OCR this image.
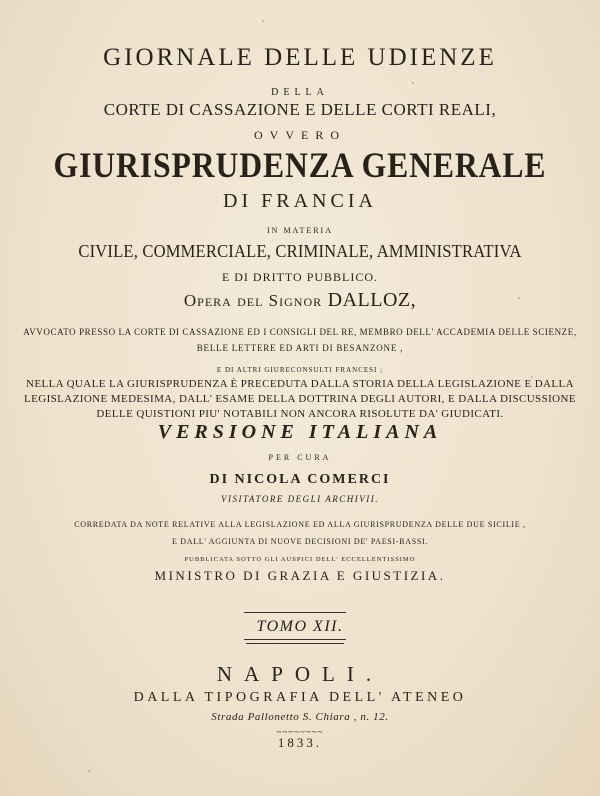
GIORNALE DELLE UDIENZE
DELLA
CORTE DI CASSAZIONE E DELLE CORTI REALI,
OVVERO
GIURISPRUDENZA GENERALE
DI FRANCIA
IN MATERIA
CIVILE, COMMERCIALE, CRIMINALE, AMMINISTRATIVA
E DI DRITTO PUBBLICO.
Opera del Signor DALLOZ,
AVVOCATO PRESSO LA CORTE DI CASSAZIONE ED I CONSIGLI DEL RE, MEMBRO DELL' ACCADEMIA DELLE SCIENZE,
BELLE LETTERE ED ARTI DI BESANZONE ,
E DI ALTRI GIURECONSULTI FRANCESI ;
NELLA QUALE LA GIURISPRUDENZA È PRECEDUTA DALLA STORIA DELLA LEGISLAZIONE E DALLA
LEGISLAZIONE MEDESIMA, DALL' ESAME DELLA DOTTRINA DEGLI AUTORI, E DALLA DISCUSSIONE
DELLE QUISTIONI PIU' NOTABILI NON ANCORA RISOLUTE DA' GIUDICATI.
VERSIONE ITALIANA
PER CURA
DI NICOLA COMERCI
VISITATORE DEGLI ARCHIVII.
CORREDATA DA NOTE RELATIVE ALLA LEGISLAZIONE ED ALLA GIURISPRUDENZA DELLE DUE SICILIE ,
E DALL' AGGIUNTA DI NUOVE DECISIONI DE' PAESI-BASSI.
PUBBLICATA SOTTO GLI AUSPICI DELL' ECCELLENTISSIMO
MINISTRO DI GRAZIA E GIUSTIZIA.
TOMO XII.
NAPOLI.
DALLA TIPOGRAFIA DELL' ATENEO
Strada Pallonetto S. Chiara , n. 12.
~~~~~~~~
1833.
